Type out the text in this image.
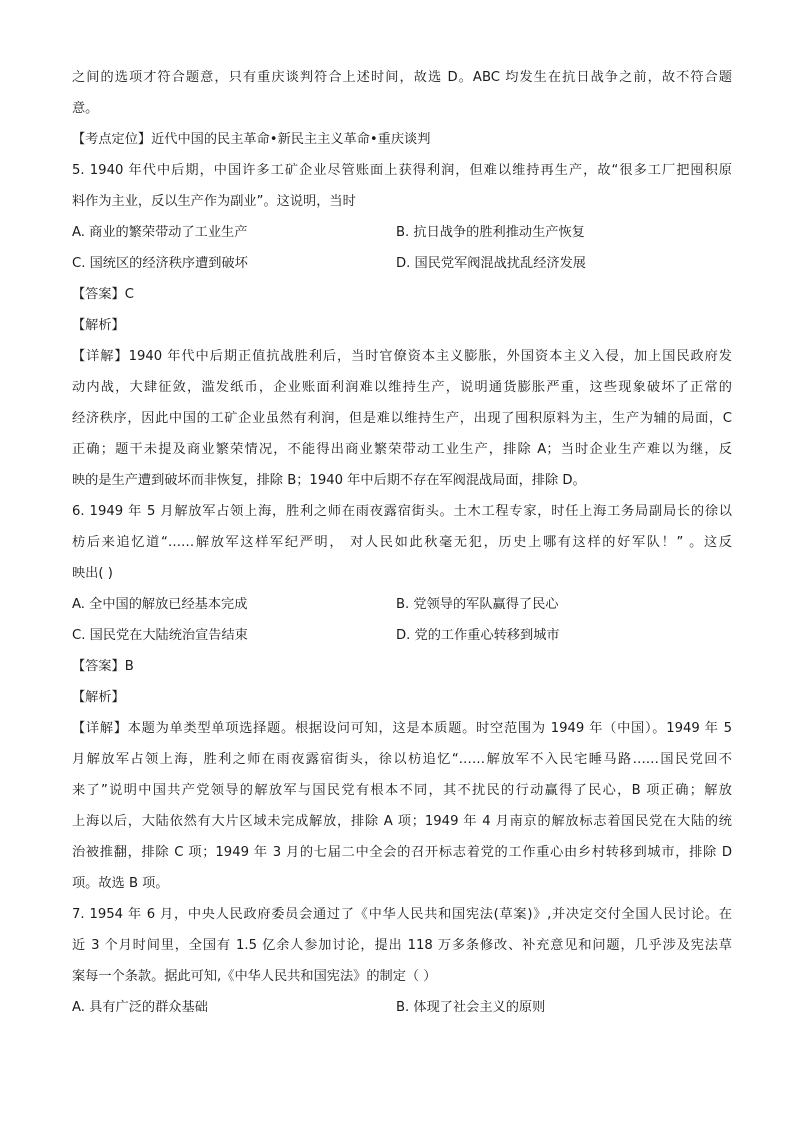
之间的选项才符合题意，只有重庆谈判符合上述时间，故选 D。ABC 均发生在抗日战争之前，故不符合题
意。
【考点定位】近代中国的民主革命•新民主主义革命•重庆谈判
5. 1940 年代中后期，中国许多工矿企业尽管账面上获得利润，但难以维持再生产，故“很多工厂把囤积原
料作为主业，反以生产作为副业”。这说明，当时
A. 商业的繁荣带动了工业生产	B. 抗日战争的胜利推动生产恢复
C. 国统区的经济秩序遭到破坏	D. 国民党军阀混战扰乱经济发展
【答案】C
【解析】
【详解】1940 年代中后期正值抗战胜利后，当时官僚资本主义膨胀，外国资本主义入侵，加上国民政府发
动内战，大肆征敛，滥发纸币，企业账面利润难以维持生产，说明通货膨胀严重，这些现象破坏了正常的
经济秩序，因此中国的工矿企业虽然有利润，但是难以维持生产，出现了囤积原料为主，生产为辅的局面，C
正确；题干未提及商业繁荣情况，不能得出商业繁荣带动工业生产，排除 A；当时企业生产难以为继，反
映的是生产遭到破坏而非恢复，排除 B；1940 年中后期不存在军阀混战局面，排除 D。
6. 1949 年 5 月解放军占领上海，胜利之师在雨夜露宿街头。土木工程专家，时任上海工务局副局长的徐以
枋后来追忆道“……解放军这样军纪严明， 对人民如此秋毫无犯，历史上哪有这样的好军队！” 。这反
映出( )
A. 全中国的解放已经基本完成	B. 党领导的军队赢得了民心
C. 国民党在大陆统治宣告结束	D. 党的工作重心转移到城市
【答案】B
【解析】
【详解】本题为单类型单项选择题。根据设问可知，这是本质题。时空范围为 1949 年（中国）。1949 年 5
月解放军占领上海，胜利之师在雨夜露宿街头，徐以枋追忆“……解放军不入民宅睡马路……国民党回不
来了”说明中国共产党领导的解放军与国民党有根本不同，其不扰民的行动赢得了民心，B 项正确；解放
上海以后，大陆依然有大片区域未完成解放，排除 A 项；1949 年 4 月南京的解放标志着国民党在大陆的统
治被推翻，排除 C 项；1949 年 3 月的七届二中全会的召开标志着党的工作重心由乡村转移到城市，排除 D
项。故选 B 项。
7. 1954 年 6 月，中央人民政府委员会通过了《中华人民共和国宪法(草案)》,并决定交付全国人民讨论。在
近 3 个月时间里，全国有 1.5 亿余人参加讨论，提出 118 万多条修改、补充意见和问题，几乎涉及宪法草
案每一个条款。据此可知,《中华人民共和国宪法》的制定（ ）
A. 具有广泛的群众基础	B. 体现了社会主义的原则
